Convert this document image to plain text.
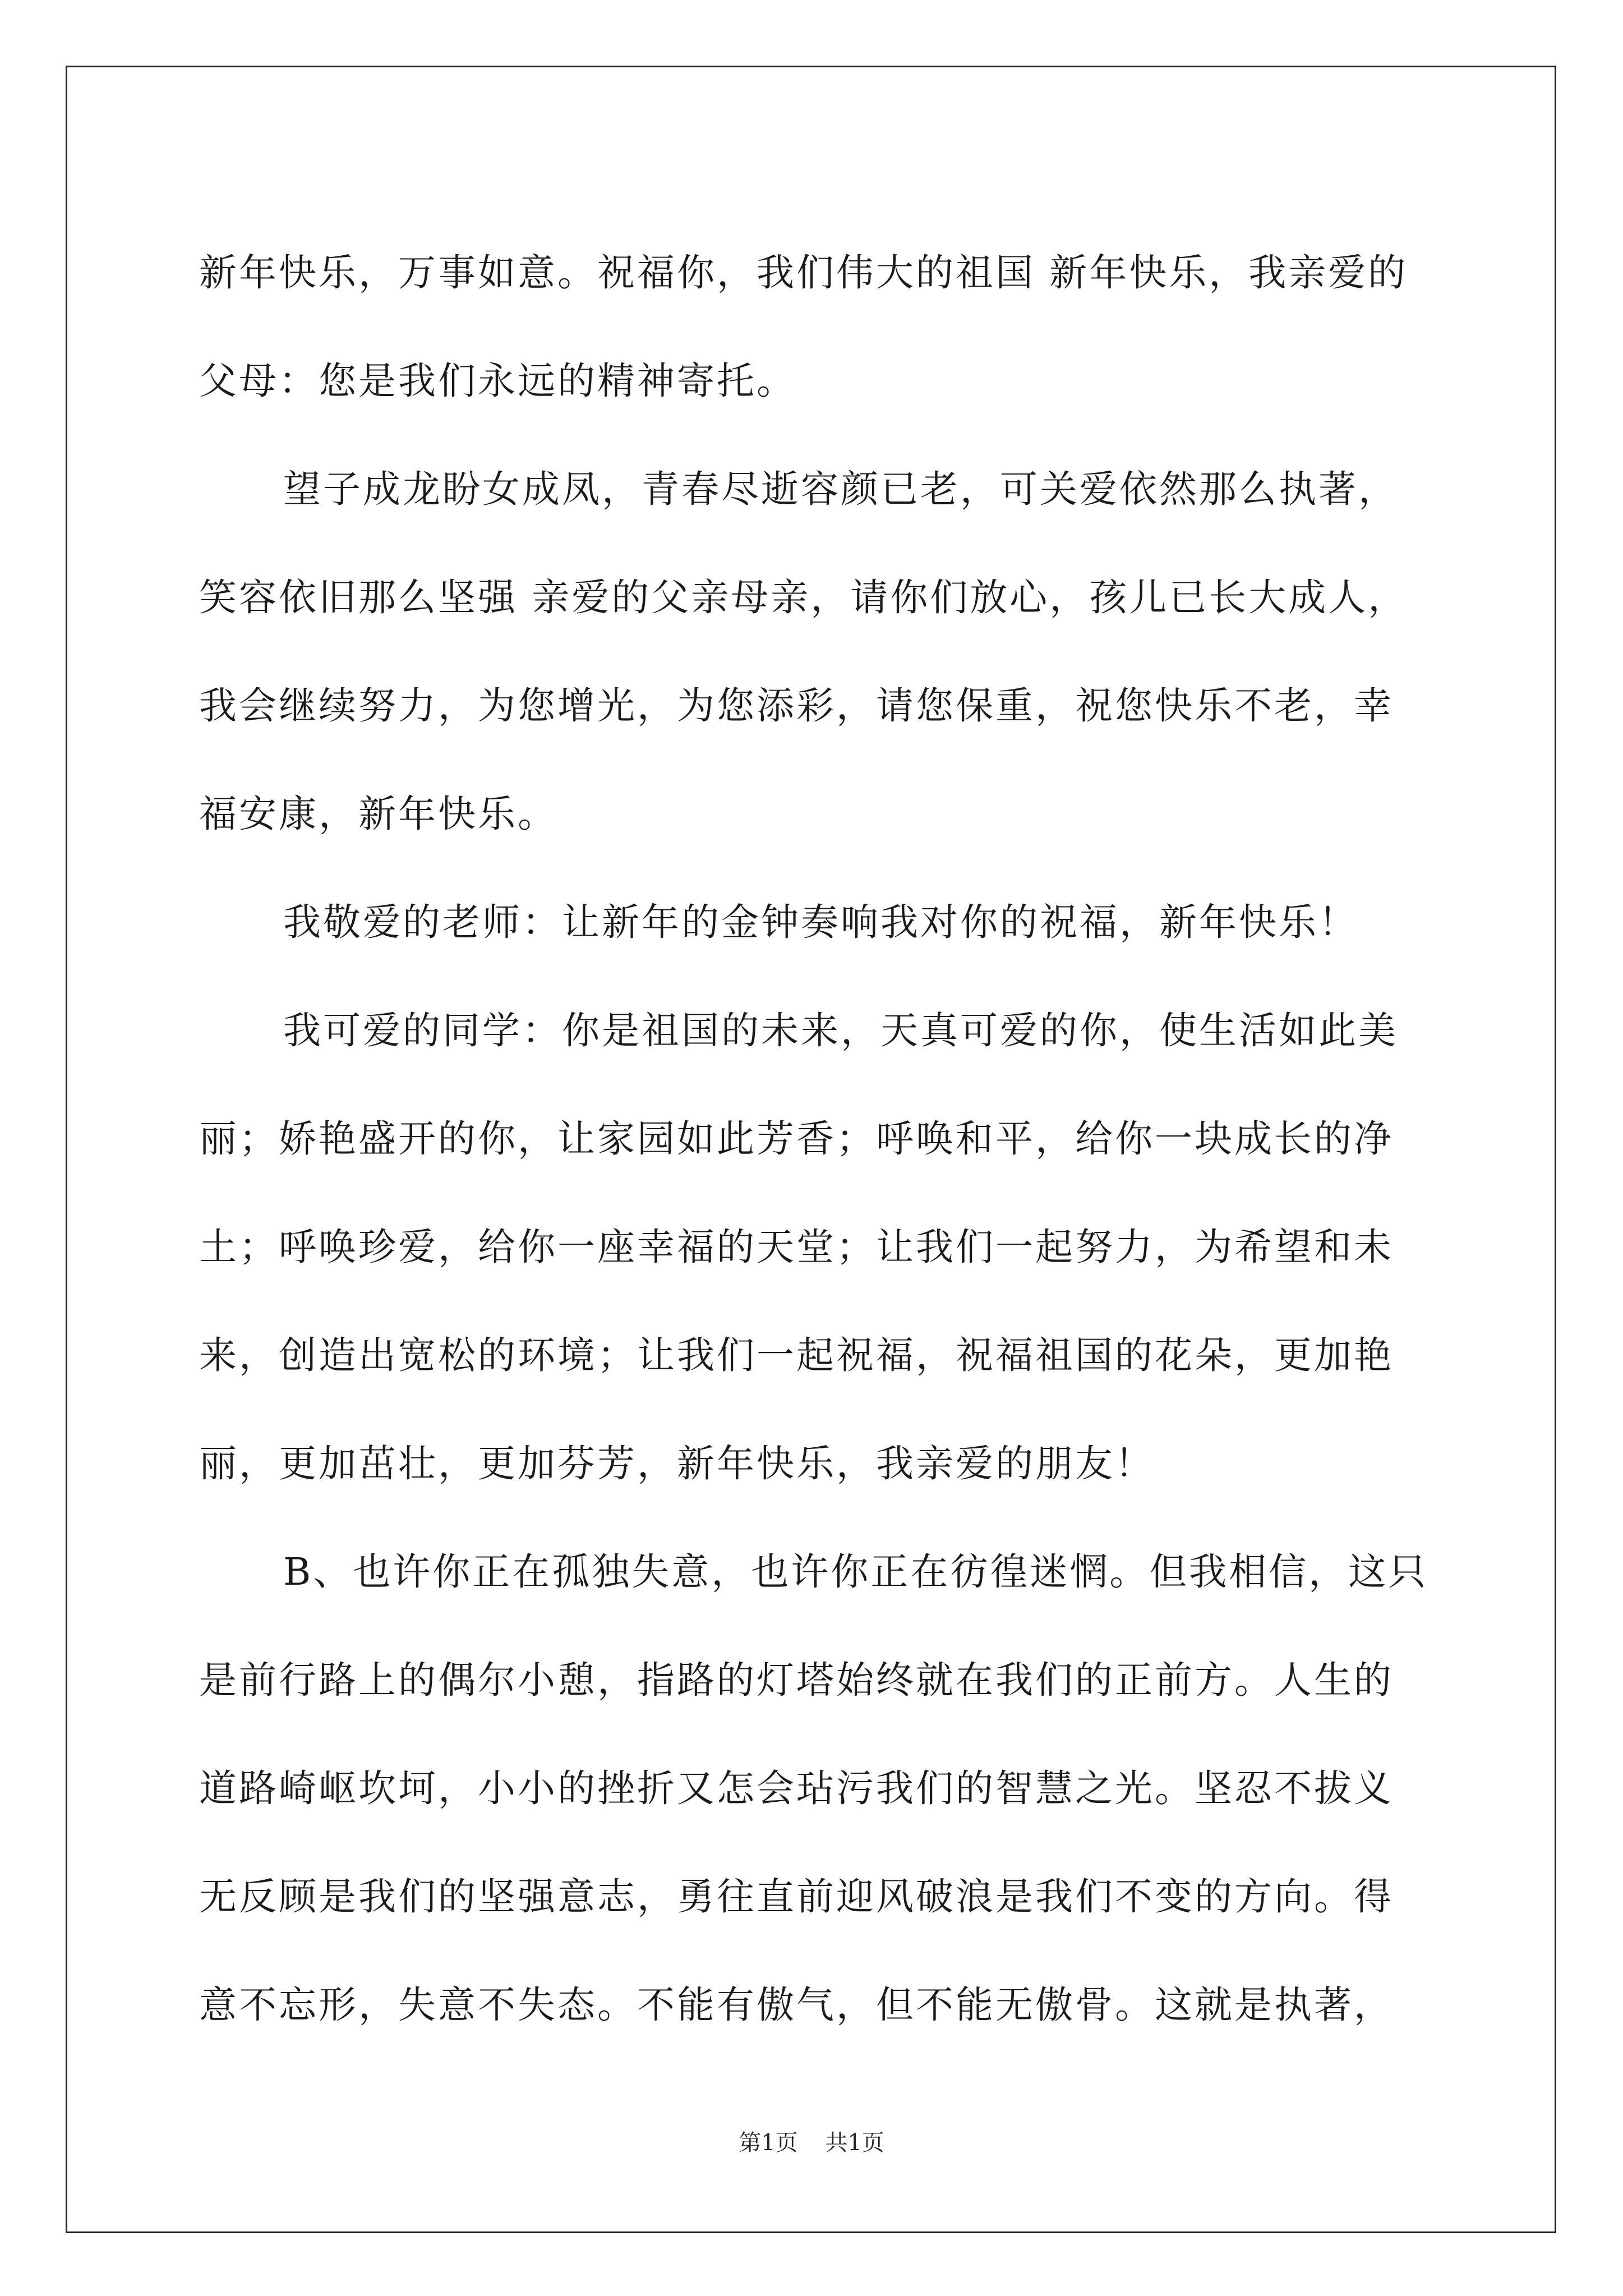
新年快乐，万事如意。祝福你，我们伟大的祖国 新年快乐，我亲爱的
父母：您是我们永远的精神寄托。
望子成龙盼女成凤，青春尽逝容颜已老，可关爱依然那么执著，
笑容依旧那么坚强 亲爱的父亲母亲，请你们放心，孩儿已长大成人，
我会继续努力，为您增光，为您添彩，请您保重，祝您快乐不老，幸
福安康，新年快乐。
我敬爱的老师：让新年的金钟奏响我对你的祝福，新年快乐！
我可爱的同学：你是祖国的未来，天真可爱的你，使生活如此美
丽；娇艳盛开的你，让家园如此芳香；呼唤和平，给你一块成长的净
土；呼唤珍爱，给你一座幸福的天堂；让我们一起努力，为希望和未
来，创造出宽松的环境；让我们一起祝福，祝福祖国的花朵，更加艳
丽，更加茁壮，更加芬芳，新年快乐，我亲爱的朋友！
B、也许你正在孤独失意，也许你正在彷徨迷惘。但我相信，这只
是前行路上的偶尔小憩，指路的灯塔始终就在我们的正前方。人生的
道路崎岖坎坷，小小的挫折又怎会玷污我们的智慧之光。坚忍不拔义
无反顾是我们的坚强意志，勇往直前迎风破浪是我们不变的方向。得
意不忘形，失意不失态。不能有傲气，但不能无傲骨。这就是执著，
第1页 共1页
